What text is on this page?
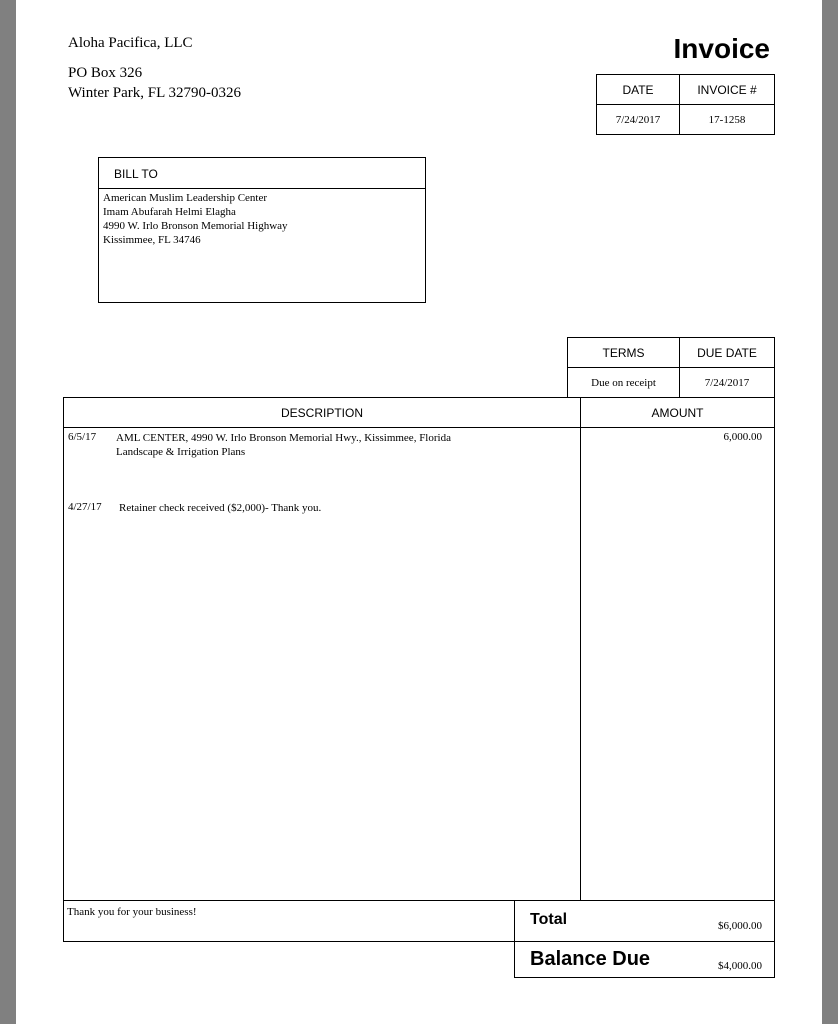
Aloha Pacifica, LLC
PO Box 326
Winter Park, FL 32790-0326
Invoice
DATE	INVOICE #
7/24/2017	17-1258
BILL TO
American Muslim Leadership Center
Imam Abufarah Helmi Elagha
4990 W. Irlo Bronson Memorial Highway
Kissimmee, FL 34746
TERMS	DUE DATE
Due on receipt	7/24/2017
DESCRIPTION	AMOUNT
6/5/17 AML CENTER, 4990 W. Irlo Bronson Memorial Hwy., Kissimmee, Florida
Landscape & Irrigation Plans
6,000.00
4/27/17 Retainer check received ($2,000)- Thank you.
Thank you for your business!	Total	$6,000.00
Balance Due	$4,000.00
